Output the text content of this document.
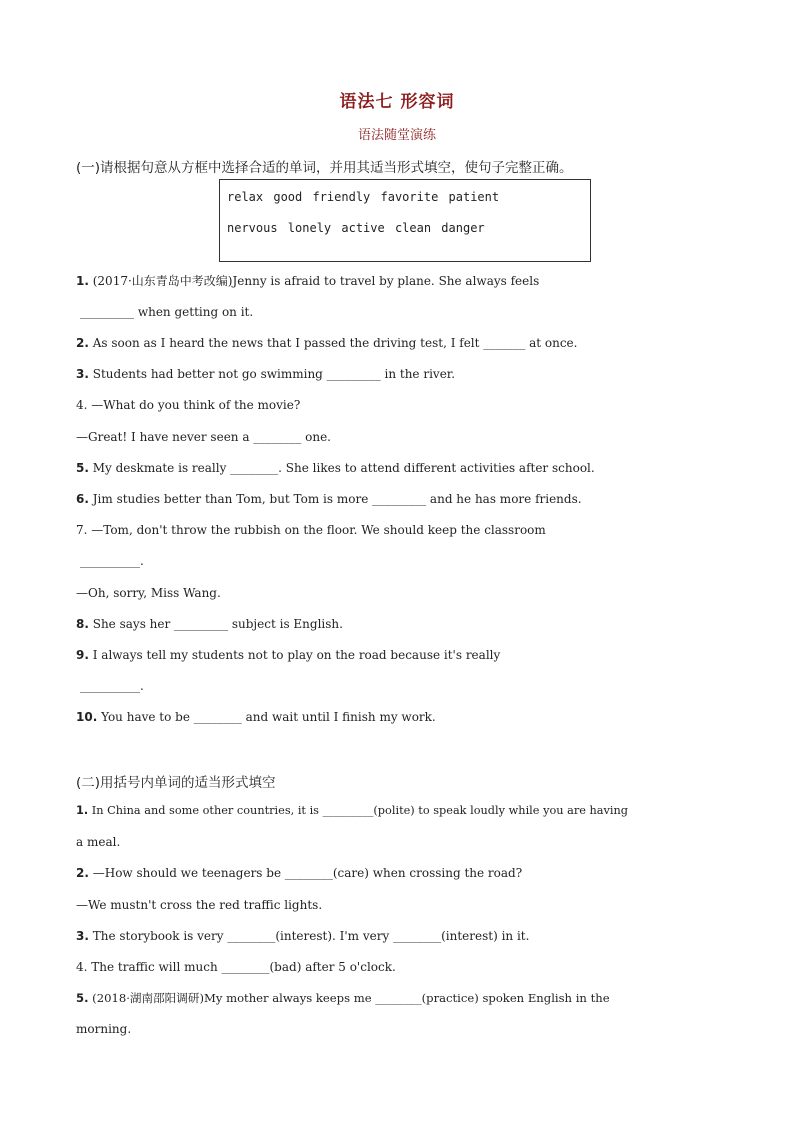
语法七 形容词
语法随堂演练
(一)请根据句意从方框中选择合适的单词，并用其适当形式填空，使句子完整正确。
relax good friendly favorite patient
nervous lonely active clean danger
1. (2017·山东青岛中考改编)Jenny is afraid to travel by plane. She always feels
_________ when getting on it.
2. As soon as I heard the news that I passed the driving test, I felt _______ at once.
3. Students had better not go swimming _________ in the river.
4. —What do you think of the movie?
—Great! I have never seen a ________ one.
5. My deskmate is really ________. She likes to attend different activities after school.
6. Jim studies better than Tom, but Tom is more _________ and he has more friends.
7. —Tom, don't throw the rubbish on the floor. We should keep the classroom
__________.
—Oh, sorry, Miss Wang.
8. She says her _________ subject is English.
9. I always tell my students not to play on the road because it's really
__________.
10. You have to be ________ and wait until I finish my work.
(二)用括号内单词的适当形式填空
1. In China and some other countries, it is _________(polite) to speak loudly while you are having
a meal.
2. —How should we teenagers be ________(care) when crossing the road?
—We mustn't cross the red traffic lights.
3. The storybook is very ________(interest). I'm very ________(interest) in it.
4. The traffic will much ________(bad) after 5 o'clock.
5. (2018·湖南邵阳调研)My mother always keeps me ________(practice) spoken English in the
morning.
